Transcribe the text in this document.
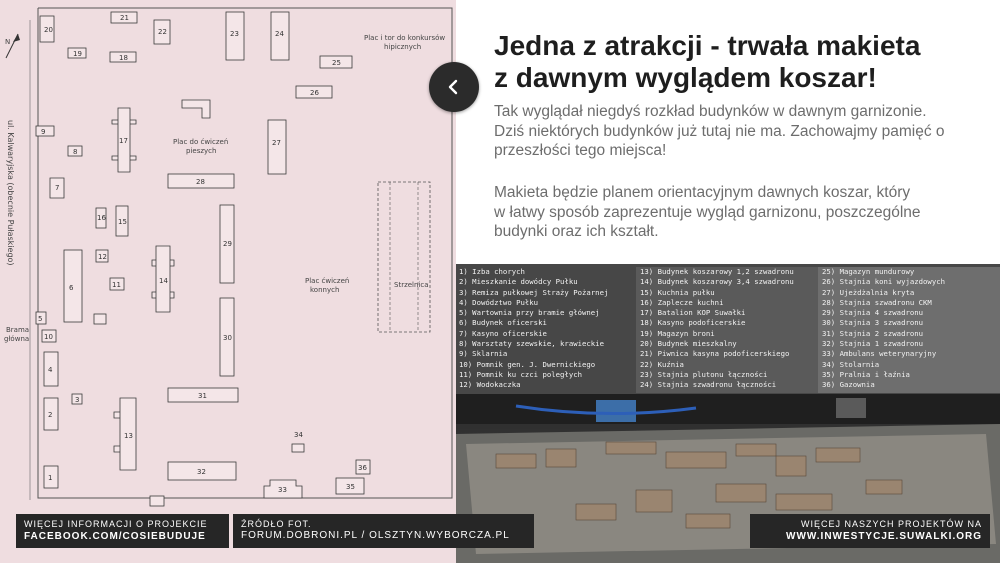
N
ul. Kalwaryjska (obecnie Pułaskiego)
20
21
19	18
22	23	24
25
26
17	27
9
8
7
28
16 15
29
12
6
14
11
30
5
10
4
31
3
2
13	34
32
1
36
33	35
Plac i tor do konkursów
hipicznych
Plac do ćwiczeń
pieszych
Plac ćwiczeń
konnych
Strzelnica
Brama
główna
Jedna z atrakcji - trwała makieta
z dawnym wyglądem koszar!
Tak wyglądał niegdyś rozkład budynków w dawnym garnizonie.
Dziś niektórych budynków już tutaj nie ma. Zachowajmy pamięć o
przeszłości tego miejsca!
Makieta będzie planem orientacyjnym dawnych koszar, który
w łatwy sposób zaprezentuje wygląd garnizonu, poszczególne
budynki oraz ich kształt.
1) Izba chorych
2) Mieszkanie dowódcy Pułku
3) Remiza pułkowej Straży Pożarnej
4) Dowództwo Pułku
5) Wartownia przy bramie głównej
6) Budynek oficerski
7) Kasyno oficerskie
8) Warsztaty szewskie, krawieckie
9) Sklarnia
10) Pomnik gen. J. Dwernickiego
11) Pomnik ku czci poległych
12) Wodokaczka
13) Budynek koszarowy 1,2 szwadronu
14) Budynek koszarowy 3,4 szwadronu
15) Kuchnia pułku
16) Zaplecze kuchni
17) Batalion KOP Suwałki
18) Kasyno podoficerskie
19) Magazyn broni
20) Budynek mieszkalny
21) Piwnica kasyna podoficerskiego
22) Kuźnia
23) Stajnia plutonu łączności
24) Stajnia szwadronu łączności
25) Magazyn mundurowy
26) Stajnia koni wyjazdowych
27) Ujeżdżalnia kryta
28) Stajnia szwadronu CKM
29) Stajnia 4 szwadronu
30) Stajnia 3 szwadronu
31) Stajnia 2 szwadronu
32) Stajnia 1 szwadronu
33) Ambulans weterynaryjny
34) Stolarnia
35) Pralnia i łaźnia
36) Gazownia
WIĘCEJ INFORMACJI O PROJEKCIE
FACEBOOK.COM/COSIEBUDUJE
ŹRÓDŁO FOT.
FORUM.DOBRONI.PL / OLSZTYN.WYBORCZA.PL
WIĘCEJ NASZYCH PROJEKTÓW NA
WWW.INWESTYCJE.SUWALKI.ORG
